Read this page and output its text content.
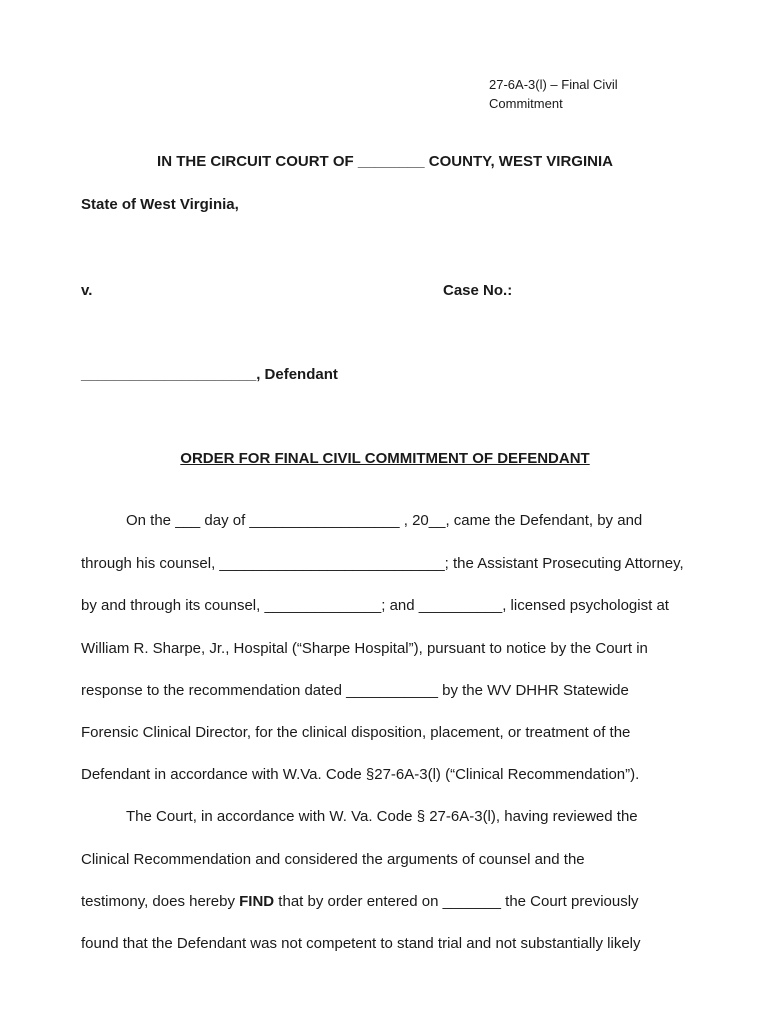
27-6A-3(l) – Final Civil Commitment
IN THE CIRCUIT COURT OF ________ COUNTY, WEST VIRGINIA
State of West Virginia,
v.	Case No.:
_____________________, Defendant
ORDER FOR FINAL CIVIL COMMITMENT OF DEFENDANT
On the ___ day of __________________ , 20__, came the Defendant, by and
through his counsel, ___________________________; the Assistant Prosecuting Attorney,
by and through its counsel, ______________; and __________, licensed psychologist at
William R. Sharpe, Jr., Hospital (“Sharpe Hospital”), pursuant to notice by the Court in
response to the recommendation dated ___________ by the WV DHHR Statewide
Forensic Clinical Director, for the clinical disposition, placement, or treatment of the
Defendant in accordance with W.Va. Code §27-6A-3(l) (“Clinical Recommendation”).
The Court, in accordance with W. Va. Code § 27-6A-3(l), having reviewed the
Clinical Recommendation and considered the arguments of counsel and the
testimony, does hereby FIND that by order entered on _______ the Court previously
found that the Defendant was not competent to stand trial and not substantially likely
